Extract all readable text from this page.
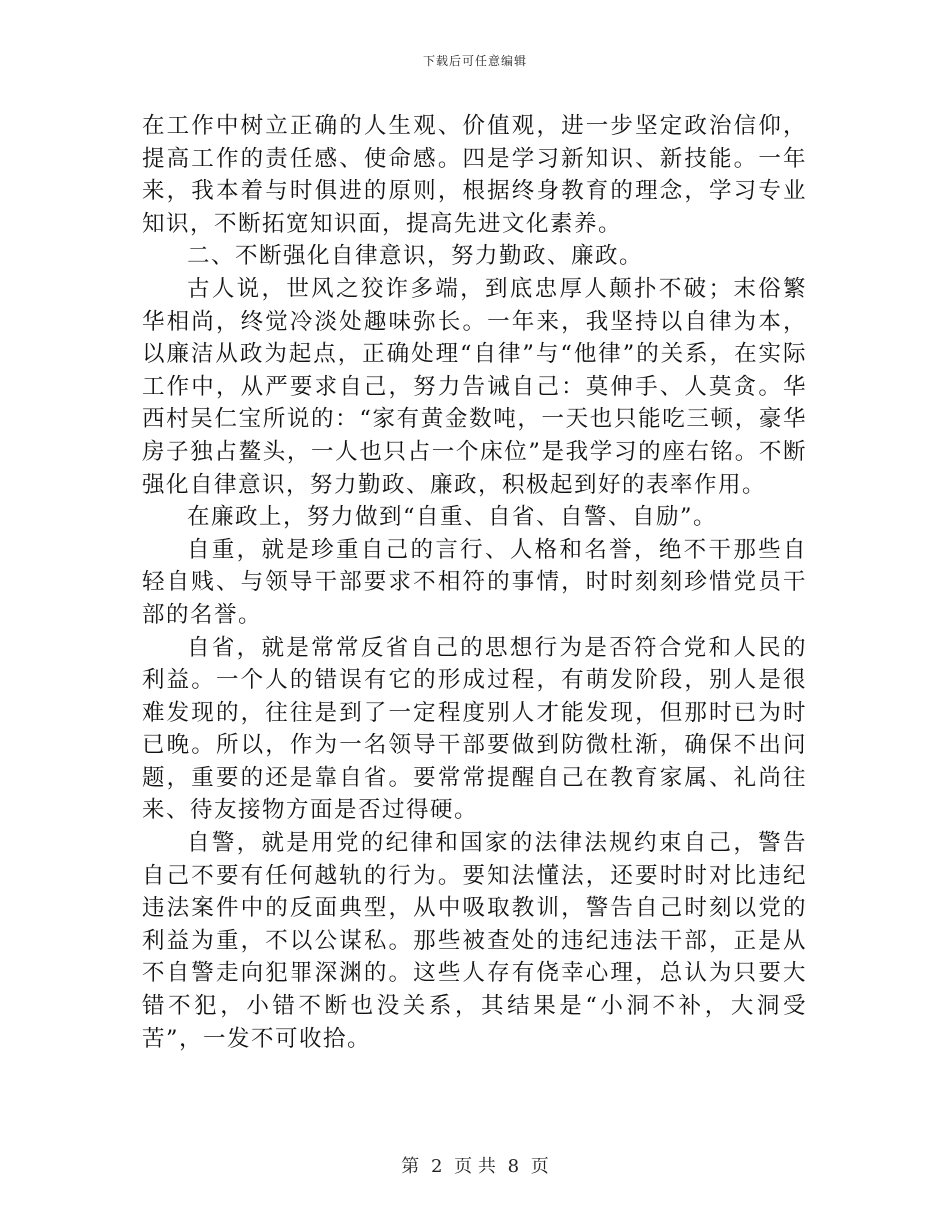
下载后可任意编辑

在工作中树立正确的人生观、价值观，进一步坚定政治信仰，提高工作的责任感、使命感。四是学习新知识、新技能。一年来，我本着与时俱进的原则，根据终身教育的理念，学习专业知识，不断拓宽知识面，提高先进文化素养。

二、不断强化自律意识，努力勤政、廉政。

古人说，世风之狡诈多端，到底忠厚人颠扑不破；末俗繁华相尚，终觉冷淡处趣味弥长。一年来，我坚持以自律为本，以廉洁从政为起点，正确处理“自律”与“他律”的关系，在实际工作中，从严要求自己，努力告诫自己：莫伸手、人莫贪。华西村吴仁宝所说的：“家有黄金数吨，一天也只能吃三顿，豪华房子独占鳌头，一人也只占一个床位”是我学习的座右铭。不断强化自律意识，努力勤政、廉政，积极起到好的表率作用。

在廉政上，努力做到“自重、自省、自警、自励”。

自重，就是珍重自己的言行、人格和名誉，绝不干那些自轻自贱、与领导干部要求不相符的事情，时时刻刻珍惜党员干部的名誉。

自省，就是常常反省自己的思想行为是否符合党和人民的利益。一个人的错误有它的形成过程，有萌发阶段，别人是很难发现的，往往是到了一定程度别人才能发现，但那时已为时已晚。所以，作为一名领导干部要做到防微杜渐，确保不出问题，重要的还是靠自省。要常常提醒自己在教育家属、礼尚往来、待友接物方面是否过得硬。

自警，就是用党的纪律和国家的法律法规约束自己，警告自己不要有任何越轨的行为。要知法懂法，还要时时对比违纪违法案件中的反面典型，从中吸取教训，警告自己时刻以党的利益为重，不以公谋私。那些被查处的违纪违法干部，正是从不自警走向犯罪深渊的。这些人存有侥幸心理，总认为只要大错不犯，小错不断也没关系，其结果是“小洞不补，大洞受苦”，一发不可收拾。

第 2 页 共 8 页
